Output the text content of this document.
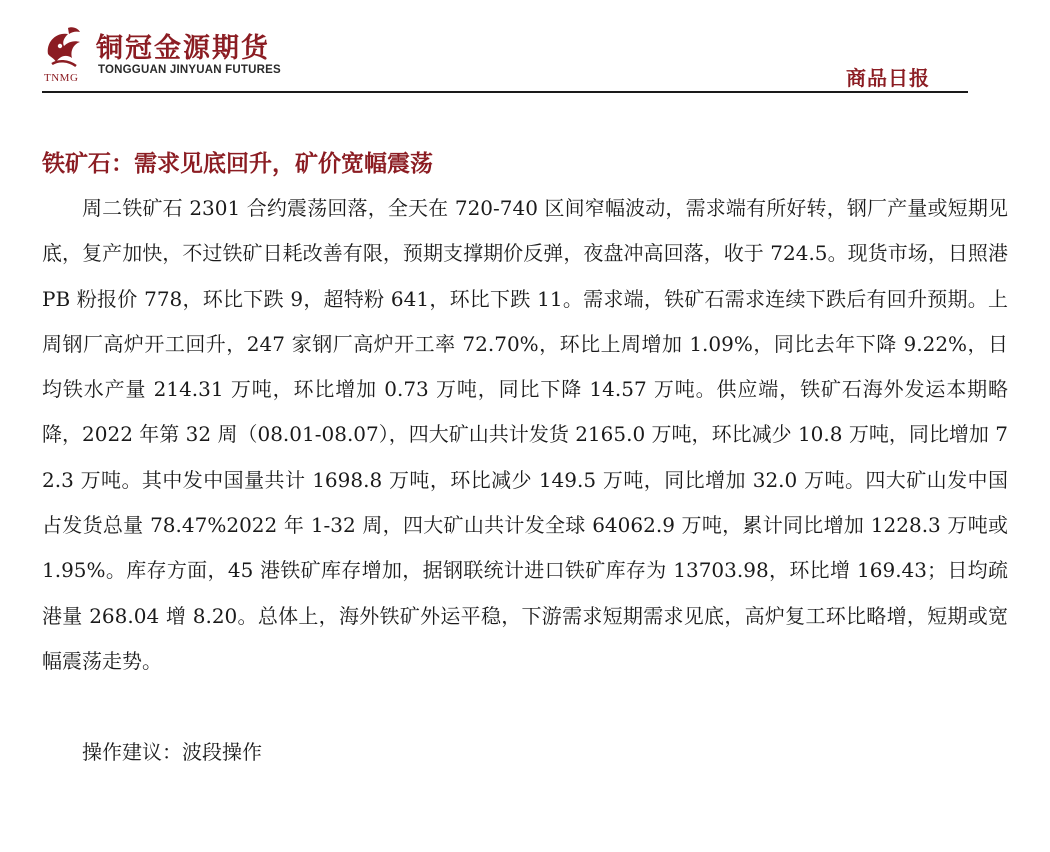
铜冠金源期货
TNMG
TONGGUAN JINYUAN FUTURES	商品日报
铁矿石：需求见底回升，矿价宽幅震荡

周二铁矿石 2301 合约震荡回落，全天在 720-740 区间窄幅波动，需求端有所好转，钢厂产量或短期见底，复产加快，不过铁矿日耗改善有限，预期支撑期价反弹，夜盘冲高回落，收于 724.5。现货市场，日照港 PB 粉报价 778，环比下跌 9，超特粉 641，环比下跌 11。需求端，铁矿石需求连续下跌后有回升预期。上周钢厂高炉开工回升，247 家钢厂高炉开工率 72.70%，环比上周增加 1.09%，同比去年下降 9.22%，日均铁水产量 214.31 万吨，环比增加 0.73 万吨，同比下降 14.57 万吨。供应端，铁矿石海外发运本期略降，2022 年第 32 周（08.01-08.07），四大矿山共计发货 2165.0 万吨，环比减少 10.8 万吨，同比增加 72.3 万吨。其中发中国量共计 1698.8 万吨，环比减少 149.5 万吨，同比增加 32.0 万吨。四大矿山发中国占发货总量 78.47%2022 年 1-32 周，四大矿山共计发全球 64062.9 万吨，累计同比增加 1228.3 万吨或 1.95%。库存方面，45 港铁矿库存增加，据钢联统计进口铁矿库存为 13703.98，环比增 169.43；日均疏港量 268.04 增 8.20。总体上，海外铁矿外运平稳，下游需求短期需求见底，高炉复工环比略增，短期或宽幅震荡走势。

操作建议：波段操作
